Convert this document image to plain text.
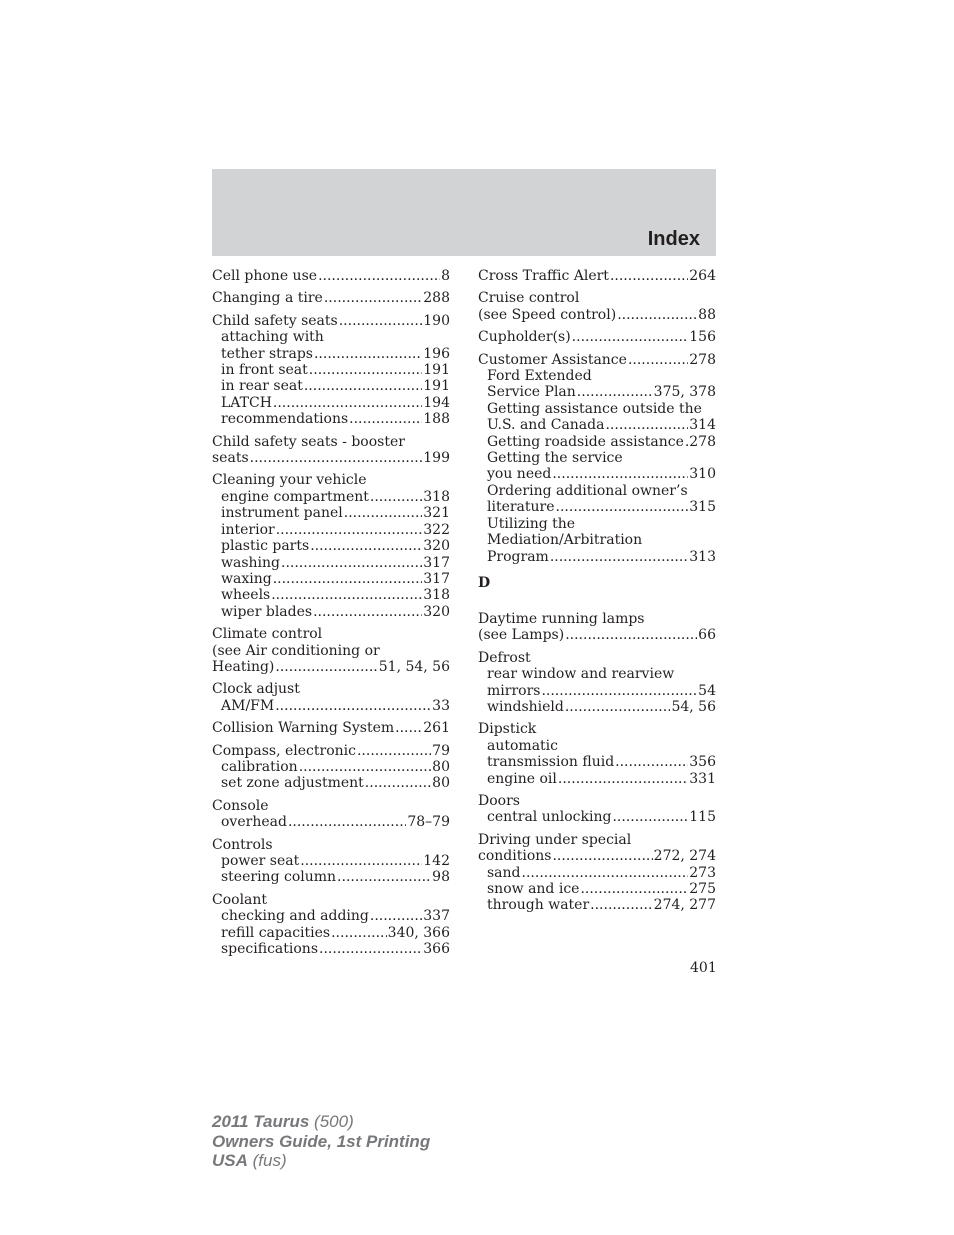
Index
Cell phone use .....	8
Changing a tire .....	288
Child safety seats .....	190
attaching with
tether straps .....	196
in front seat .....	191
in rear seat .....	191
LATCH .....	194
recommendations .....	188
Child safety seats - booster
seats .....	199
Cleaning your vehicle
engine compartment .....	318
instrument panel .....	321
interior .....	322
plastic parts .....	320
washing .....	317
waxing .....	317
wheels .....	318
wiper blades .....	320
Climate control
(see Air conditioning or
Heating) .....	51, 54, 56
Clock adjust
AM/FM .....	33
Collision Warning System ..... 261
Compass, electronic .....	79
calibration .....	80
set zone adjustment .....	80
Console
overhead .....	78–79
Controls
power seat .....	142
steering column .....	98
Coolant
checking and adding .....	337
refill capacities .....	340, 366
specifications .....	366
Cross Traffic Alert .....	264
Cruise control
(see Speed control) .....	88
Cupholder(s) .....	156
Customer Assistance .....	278
Ford Extended
Service Plan .....	375, 378
Getting assistance outside the
U.S. and Canada .....	314
Getting roadside assistance ..... 278
Getting the service
you need .....	310
Ordering additional owner’s
literature .....	315
Utilizing the
Mediation/Arbitration
Program .....	313
D
Daytime running lamps
(see Lamps) .....	66
Defrost
rear window and rearview
mirrors .....	54
windshield .....	54, 56
Dipstick
automatic
transmission fluid .....	356
engine oil .....	331
Doors
central unlocking .....	115
Driving under special
conditions .....	272, 274
sand .....	273
snow and ice .....	275
through water .....	274, 277
401
2011 Taurus (500)
Owners Guide, 1st Printing
USA (fus)
